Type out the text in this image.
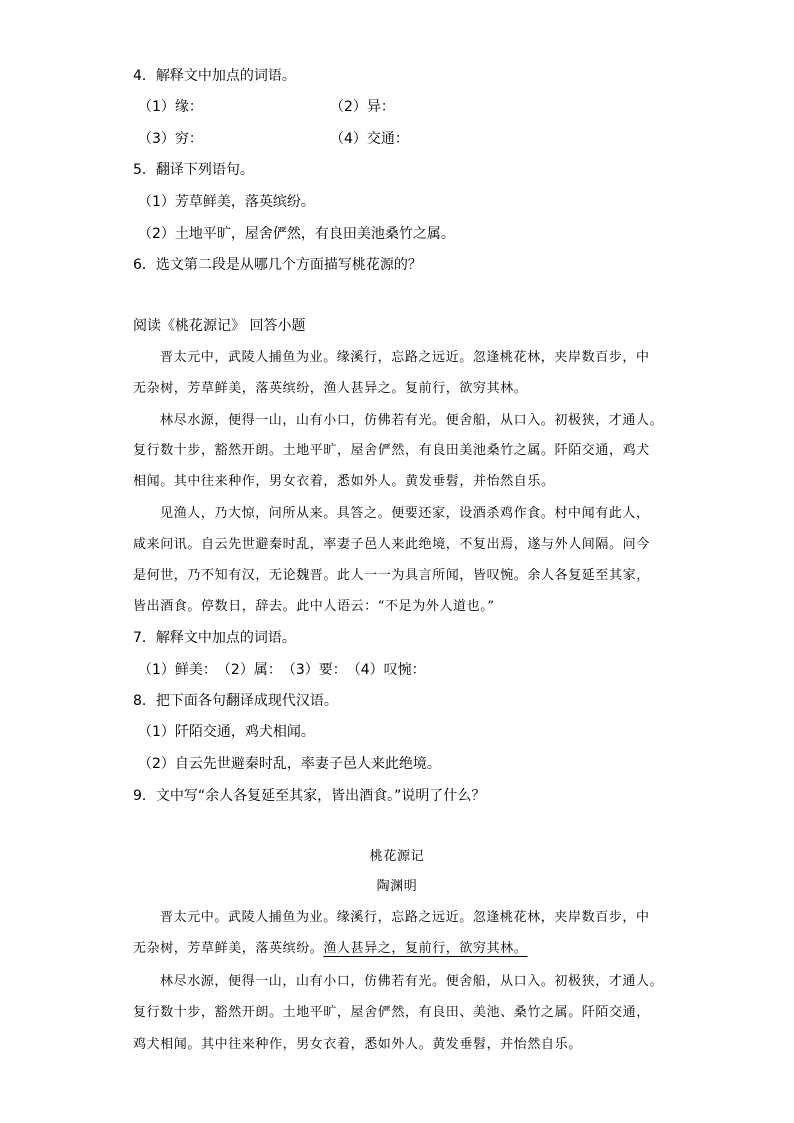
4．解释文中加点的词语。
（1）缘：	（2）异：
（3）穷：	（4）交通：
5．翻译下列语句。
（1）芳草鲜美，落英缤纷。
（2）土地平旷，屋舍俨然，有良田美池桑竹之属。
6．选文第二段是从哪几个方面描写桃花源的？
阅读《桃花源记》 回答小题
晋太元中，武陵人捕鱼为业。缘溪行，忘路之远近。忽逢桃花林，夹岸数百步，中
无杂树，芳草鲜美，落英缤纷，渔人甚异之。复前行，欲穷其林。
林尽水源，便得一山，山有小口，仿佛若有光。便舍船，从口入。初极狭，才通人。
复行数十步，豁然开朗。土地平旷，屋舍俨然，有良田美池桑竹之属。阡陌交通，鸡犬
相闻。其中往来种作，男女衣着，悉如外人。黄发垂髫，并怡然自乐。
见渔人，乃大惊，问所从来。具答之。便要还家，设酒杀鸡作食。村中闻有此人，
咸来问讯。自云先世避秦时乱，率妻子邑人来此绝境，不复出焉，遂与外人间隔。问今
是何世，乃不知有汉，无论魏晋。此人一一为具言所闻，皆叹惋。余人各复延至其家，
皆出酒食。停数日，辞去。此中人语云：“不足为外人道也。”
7．解释文中加点的词语。
（1）鲜美：　（2）属：　（3）要：　（4）叹惋：
8．把下面各句翻译成现代汉语。
（1）阡陌交通，鸡犬相闻。
（2）自云先世避秦时乱，率妻子邑人来此绝境。
9．文中写“余人各复延至其家，皆出酒食。”说明了什么？
桃花源记
陶渊明
晋太元中。武陵人捕鱼为业。缘溪行，忘路之远近。忽逢桃花林，夹岸数百步，中
无杂树，芳草鲜美，落英缤纷。渔人甚异之，复前行，欲穷其林。
林尽水源，便得一山，山有小口，仿佛若有光。便舍船，从口入。初极狭，才通人。
复行数十步，豁然开朗。土地平旷，屋舍俨然，有良田、美池、桑竹之属。阡陌交通，
鸡犬相闻。其中往来种作，男女衣着，悉如外人。黄发垂髫，并怡然自乐。
